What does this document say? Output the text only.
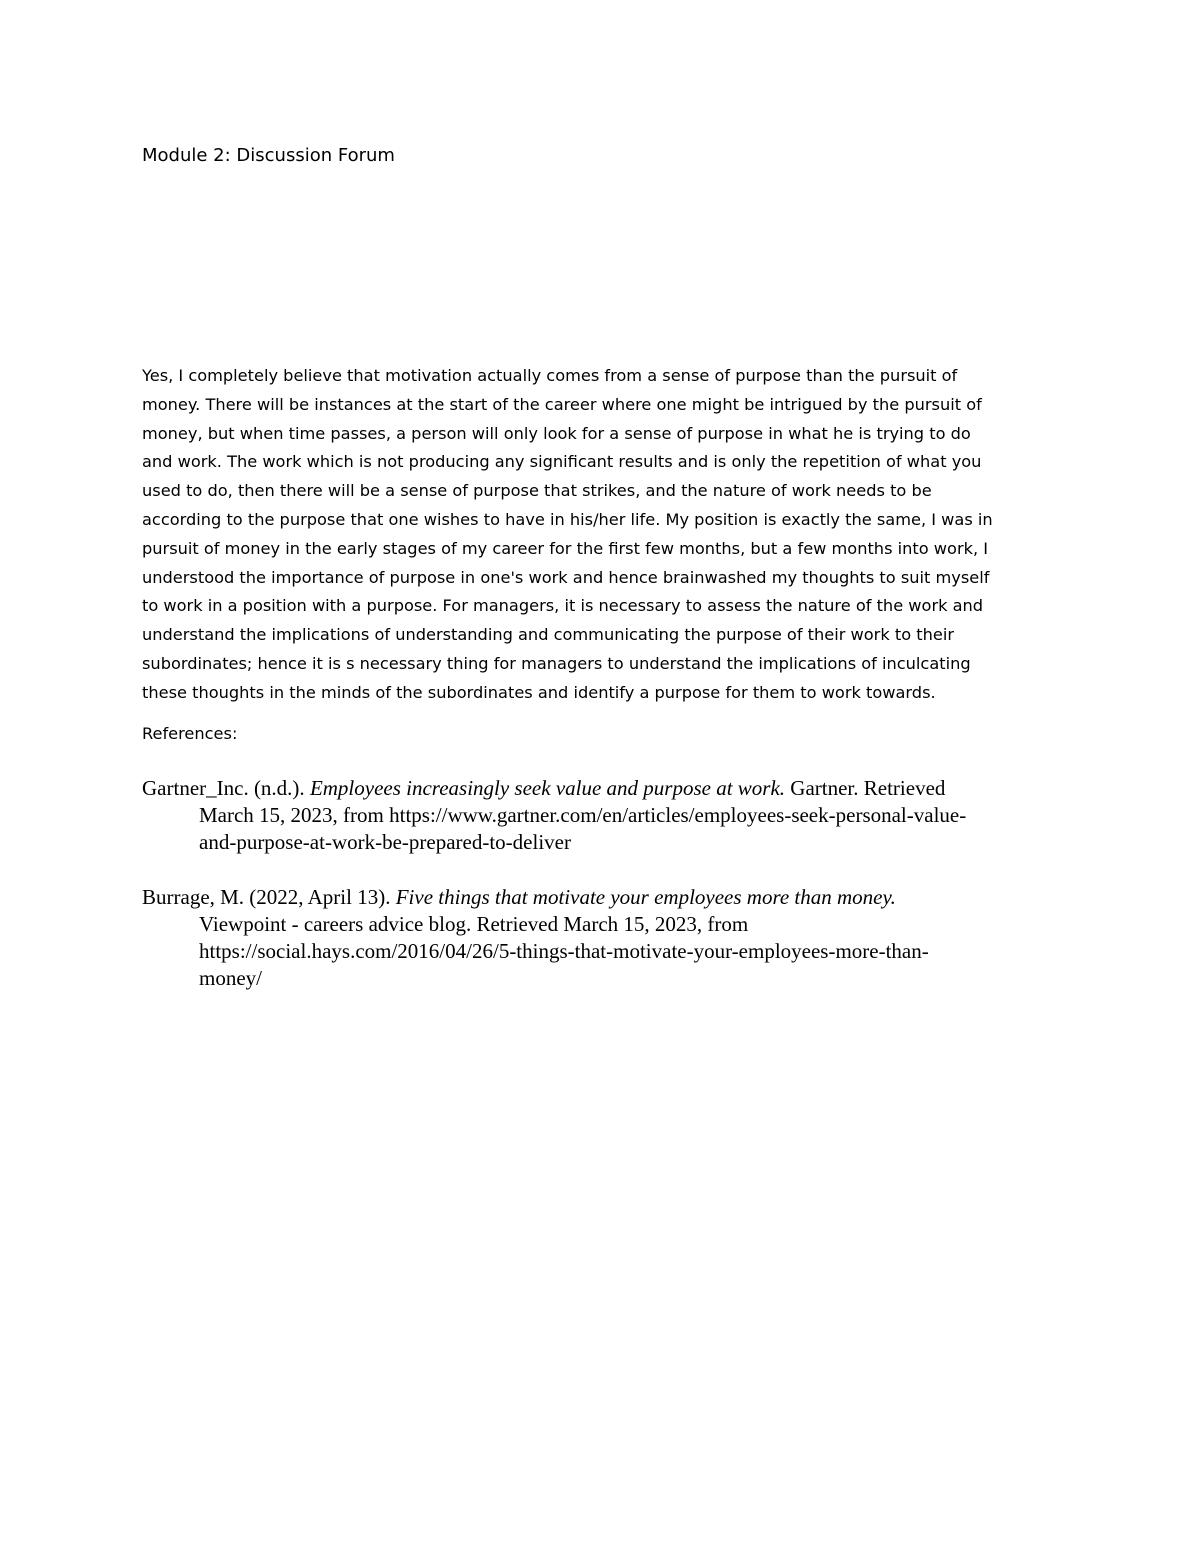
Module 2: Discussion Forum
Yes, I completely believe that motivation actually comes from a sense of purpose than the pursuit of
money. There will be instances at the start of the career where one might be intrigued by the pursuit of
money, but when time passes, a person will only look for a sense of purpose in what he is trying to do
and work. The work which is not producing any significant results and is only the repetition of what you
used to do, then there will be a sense of purpose that strikes, and the nature of work needs to be
according to the purpose that one wishes to have in his/her life. My position is exactly the same, I was in
pursuit of money in the early stages of my career for the first few months, but a few months into work, I
understood the importance of purpose in one's work and hence brainwashed my thoughts to suit myself
to work in a position with a purpose. For managers, it is necessary to assess the nature of the work and
understand the implications of understanding and communicating the purpose of their work to their
subordinates; hence it is s necessary thing for managers to understand the implications of inculcating
these thoughts in the minds of the subordinates and identify a purpose for them to work towards.
References:
Gartner_Inc. (n.d.). Employees increasingly seek value and purpose at work. Gartner. Retrieved
March 15, 2023, from https://www.gartner.com/en/articles/employees-seek-personal-value-
and-purpose-at-work-be-prepared-to-deliver
Burrage, M. (2022, April 13). Five things that motivate your employees more than money.
Viewpoint - careers advice blog. Retrieved March 15, 2023, from
https://social.hays.com/2016/04/26/5-things-that-motivate-your-employees-more-than-
money/
